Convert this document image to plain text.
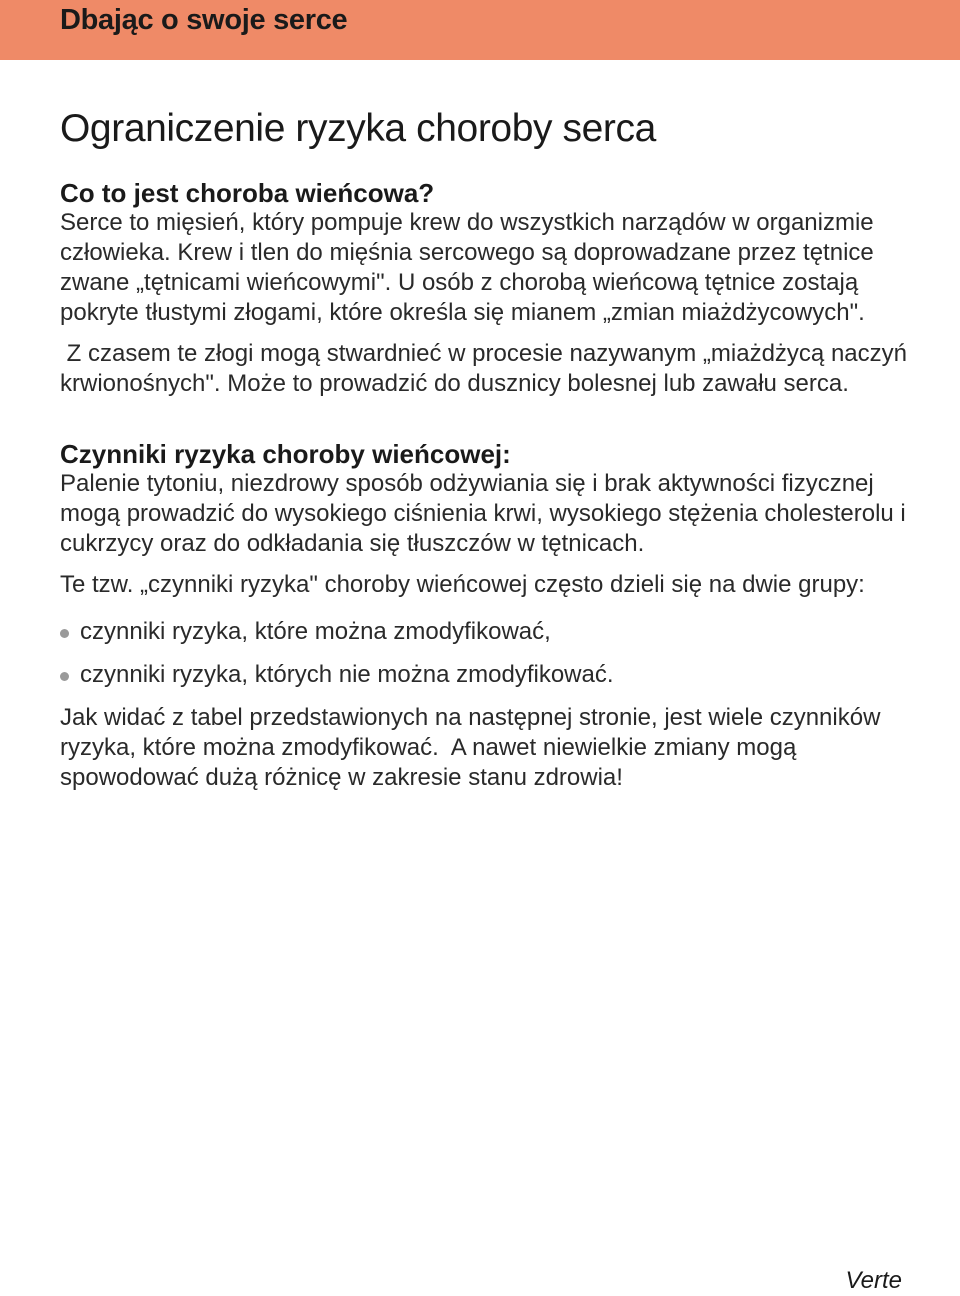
Dbając o swoje serce
Ograniczenie ryzyka choroby serca
Co to jest choroba wieńcowa?

Serce to mięsień, który pompuje krew do wszystkich narządów w organizmie człowieka. Krew i tlen do mięśnia sercowego są doprowadzane przez tętnice zwane „tętnicami wieńcowymi". U osób z chorobą wieńcową tętnice zostają pokryte tłustymi złogami, które określa się mianem „zmian miażdżycowych".

Z czasem te złogi mogą stwardnieć w procesie nazywanym „miażdżycą naczyń krwionośnych". Może to prowadzić do dusznicy bolesnej lub zawału serca.

Czynniki ryzyka choroby wieńcowej:

Palenie tytoniu, niezdrowy sposób odżywiania się i brak aktywności fizycznej mogą prowadzić do wysokiego ciśnienia krwi, wysokiego stężenia cholesterolu i cukrzycy oraz do odkładania się tłuszczów w tętnicach.

Te tzw. „czynniki ryzyka" choroby wieńcowej często dzieli się na dwie grupy:

czynniki ryzyka, które można zmodyfikować,
czynniki ryzyka, których nie można zmodyfikować.

Jak widać z tabel przedstawionych na następnej stronie, jest wiele czynników ryzyka, które można zmodyfikować.  A nawet niewielkie zmiany mogą spowodować dużą różnicę w zakresie stanu zdrowia!

Verte
